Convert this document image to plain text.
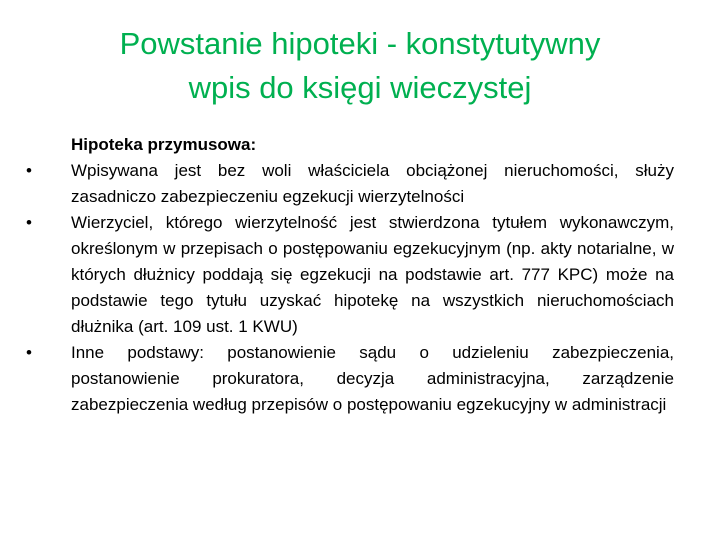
Powstanie hipoteki - konstytutywny
wpis do księgi wieczystej

Hipoteka przymusowa:

•	Wpisywana jest bez woli właściciela obciążonej nieruchomości, służy zasadniczo zabezpieczeniu egzekucji wierzytelności
•	Wierzyciel, którego wierzytelność jest stwierdzona tytułem wykonawczym, określonym w przepisach o postępowaniu egzekucyjnym (np. akty notarialne, w których dłużnicy poddają się egzekucji na podstawie art. 777 KPC) może na podstawie tego tytułu uzyskać hipotekę na wszystkich nieruchomościach dłużnika (art. 109 ust. 1 KWU)
•	Inne podstawy: postanowienie sądu o udzieleniu zabezpieczenia, postanowienie prokuratora, decyzja administracyjna, zarządzenie zabezpieczenia według przepisów o postępowaniu egzekucyjny w administracji
